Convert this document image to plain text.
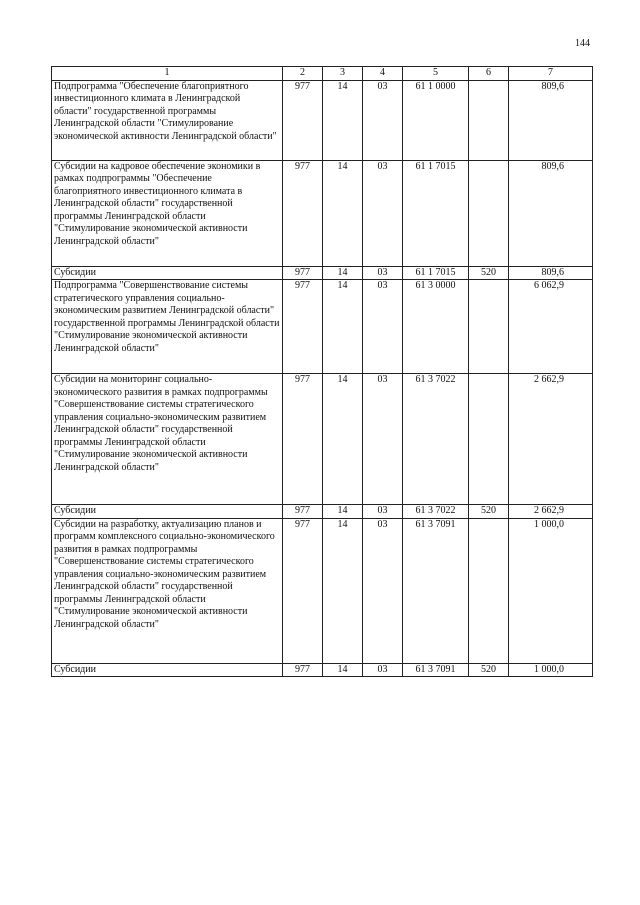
144
1	2	3	4	5	6	7
Подпрограмма "Обеспечение благоприятного инвестиционного климата в Ленинградской области" государственной программы Ленинградской области "Стимулирование экономической активности Ленинградской области"	977	14	03	61 1 0000		809,6
Субсидии на кадровое обеспечение экономики в рамках подпрограммы "Обеспечение благоприятного инвестиционного климата в Ленинградской области" государственной программы Ленинградской области "Стимулирование экономической активности Ленинградской области"	977	14	03	61 1 7015		809,6
Субсидии	977	14	03	61 1 7015	520	809,6
Подпрограмма "Совершенствование системы стратегического управления социально-экономическим развитием Ленинградской области" государственной программы Ленинградской области "Стимулирование экономической активности Ленинградской области"	977	14	03	61 3 0000		6 062,9
Субсидии на мониторинг социально-экономического развития в рамках подпрограммы "Совершенствование системы стратегического управления социально-экономическим развитием Ленинградской области" государственной программы Ленинградской области "Стимулирование экономической активности Ленинградской области"	977	14	03	61 3 7022		2 662,9
Субсидии	977	14	03	61 3 7022	520	2 662,9
Субсидии на разработку, актуализацию планов и программ комплексного социально-экономического развития в рамках подпрограммы "Совершенствование системы стратегического управления социально-экономическим развитием Ленинградской области" государственной программы Ленинградской области "Стимулирование экономической активности Ленинградской области"	977	14	03	61 3 7091		1 000,0
Субсидии	977	14	03	61 3 7091	520	1 000,0
